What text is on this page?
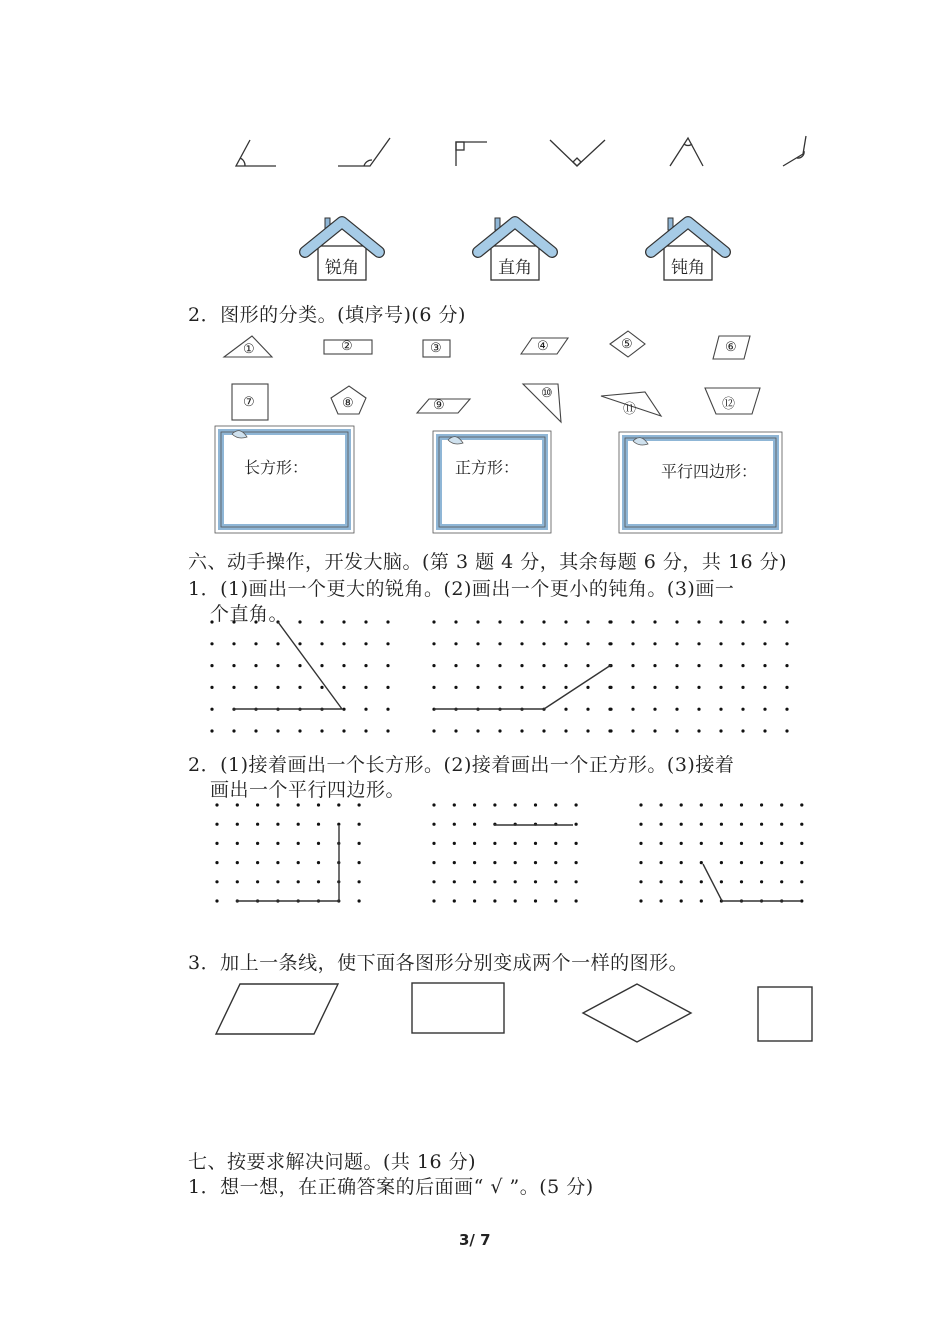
锐角	直角	钝角
2．图形的分类。(填序号)(6 分)
①	②	③	④	⑤	⑥
⑦	⑧	⑨
⑩
⑪	⑫
长方形：	正方形：	平行四边形：
六、动手操作，开发大脑。(第 3 题 4 分，其余每题 6 分，共 16 分)
1．(1)画出一个更大的锐角。(2)画出一个更小的钝角。(3)画一
个直角。
2．(1)接着画出一个长方形。(2)接着画出一个正方形。(3)接着
画出一个平行四边形。
3．加上一条线，使下面各图形分别变成两个一样的图形。
七、按要求解决问题。(共 16 分)
1．想一想，在正确答案的后面画“ √ ”。(5 分)
3/ 7
